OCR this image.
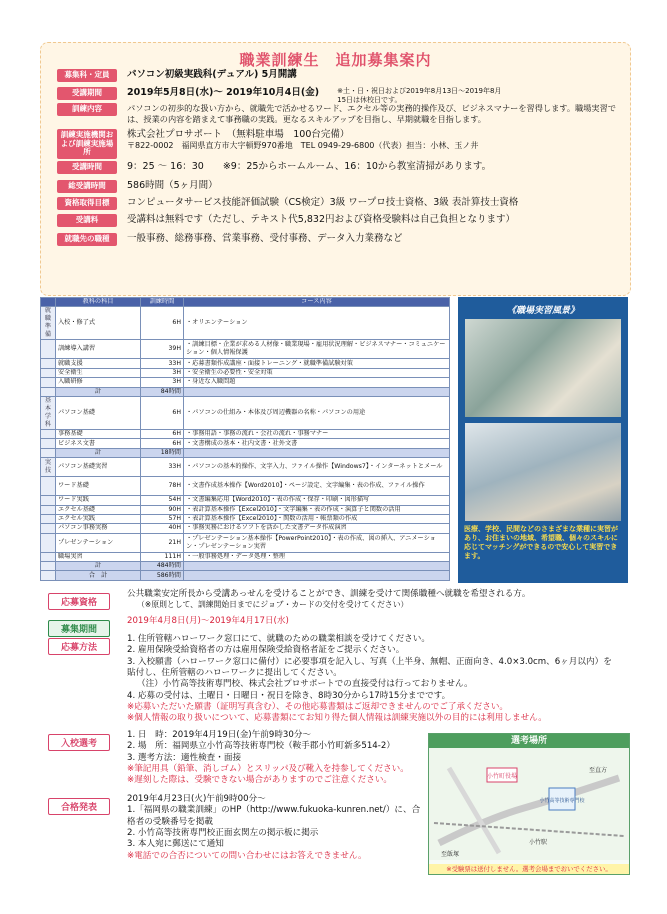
職業訓練生　追加募集案内
募集科・定員	パソコン初級実践科(デュアル) 5月開講
受講期間	2019年5月8日(水)～ 2019年10月4日(金)	※土・日・祝日および2019年8月13日～2019年8月15日は休校日です。
訓練内容	パソコンの初歩的な扱い方から、就職先で活かせるワード、エクセル等の実務的操作及び、ビジネスマナーを習得します。職場実習では、授業の内容を踏まえて事務職の実践。更なるスキルアップを目指し、早期就職を目指します。
訓練実施機関および訓練実施場所
株式会社プロサポート　（無料駐車場　100台完備）
〒822-0002　福岡県直方市大字頓野970番地　TEL 0949-29-6800（代表）担当：小林、玉ノ井
受講時間	9：25 ～ 16：30　　※9：25からホームルーム、16：10から教室清掃があります。
総受講時間	586時間（5ヶ月間）
資格取得目標	コンピュータサービス技能評価試験（CS検定）3級 ワープロ技士資格、3級 表計算技士資格
受講料	受講料は無料です（ただし、テキスト代5,832円および資格受験料は自己負担となります）
就職先の職種	一般事務、総務事務、営業事務、受付事務、データ入力業務など
	教科の科目	訓練時間	コース内容
就職準備	入校・修了式	6H	・オリエンテーション
	訓練導入講習	39H	・訓練目標・企業が求める人材像・職業現場・雇用状況理解・ビジネスマナー・コミュニケーション・個人情報保護
	就職支援	33H	・応募書類作成講座・面接トレーニング・就職準備試験対策
	安全衛生	3H	・安全衛生の必要性・安全対策
	入職研修	3H	・身近な入職問題
	計	84時間	
基本学科	パソコン基礎	6H	・パソコンの仕組み・本体及び周辺機器の名称・パソコンの用途
	事務基礎	6H	・事務用語・事務の流れ・会社の流れ・事務マナー
	ビジネス文書	6H	・文書構成の基本・社内文書・社外文書
	計	18時間	
実技	パソコン基礎実習	33H	・パソコンの基本的操作、文字入力、ファイル操作【Windows7】・インターネットとメール
	ワード基礎	78H	・文書作成基本操作【Word2010】・ページ設定、文字編集・表の作成、ファイル操作
	ワード実践	54H	・文書編集応用【Word2010】・表の作成・保存・印刷・図形描写
	エクセル基礎	90H	・表計算基本操作【Excel2010】・文字編集・表の作成・演算子と関数の活用
	エクセル実践	57H	・表計算基本操作【Excel2010】・関数の活用・帳票類の作成
	パソコン事務実務	40H	・事務実務におけるソフトを活かした文書データ作成演習
	プレゼンテーション	21H	・プレゼンテーション基本操作【PowerPoint2010】・表の作成、図の挿入、アニメーション・プレゼンテーション実習
	職場実習	111H	・一般事務処理・データ処理・整理
	計	484時間	
	合　計	586時間	
《職場実習風景》
医療、学校、民間などのさまざまな業種に実習があり、お住まいの地域、希望職、個々のスキルに応じてマッチングができるので安心して実習できます。
応募資格
公共職業安定所長から受講あっせんを受けることができ、訓練を受けて関係職種へ就職を希望される方。
（※原則として、訓練開始日までにジョブ・カードの交付を受けてください）
募集期間
2019年4月8日(月)～2019年4月17日(水)
応募方法
1. 住所管轄ハローワーク窓口にて、就職のための職業相談を受けてください。
2. 雇用保険受給資格者の方は雇用保険受給資格者証をご提示ください。
3. 入校願書（ハローワーク窓口に備付）に必要事項を記入し、写真（上半身、無帽、正面向き、4.0×3.0cm、6ヶ月以内）を貼付し、住所管轄のハローワークに提出してください。
（注）小竹高等技術専門校、株式会社プロサポートでの直接受付は行っておりません。
4. 応募の受付は、土曜日・日曜日・祝日を除き、8時30分から17時15分までです。
※応募いただいた願書（証明写真含む）、その他応募書類はご返却できませんのでご了承ください。
※個人情報の取り扱いについて、応募書類にてお知り得た個人情報は訓練実施以外の目的には利用しません。
入校選考
1. 日　時：2019年4月19日(金)午前9時30分～
2. 場　所：福岡県立小竹高等技術専門校（鞍手郡小竹町新多514-2）
3. 選考方法：適性検査・面接
※筆記用具（鉛筆、消しゴム）とスリッパ及び靴入を持参してください。
※遅刻した際は、受験できない場合がありますのでご注意ください。
合格発表
2019年4月23日(火)午前9時00分～
1.「福岡県の職業訓練」のHP（http://www.fukuoka-kunren.net/）に、合格者の受験番号を掲載
2. 小竹高等技術専門校正面玄関左の掲示板に掲示
3. 本人宛に郵送にて通知
※電話での合否についての問い合わせにはお答えできません。
選考場所
小竹町役場
小竹高等技術専門校
至飯塚
至直方
小竹駅
※受験票は送付しません。選考会場までおいでください。
